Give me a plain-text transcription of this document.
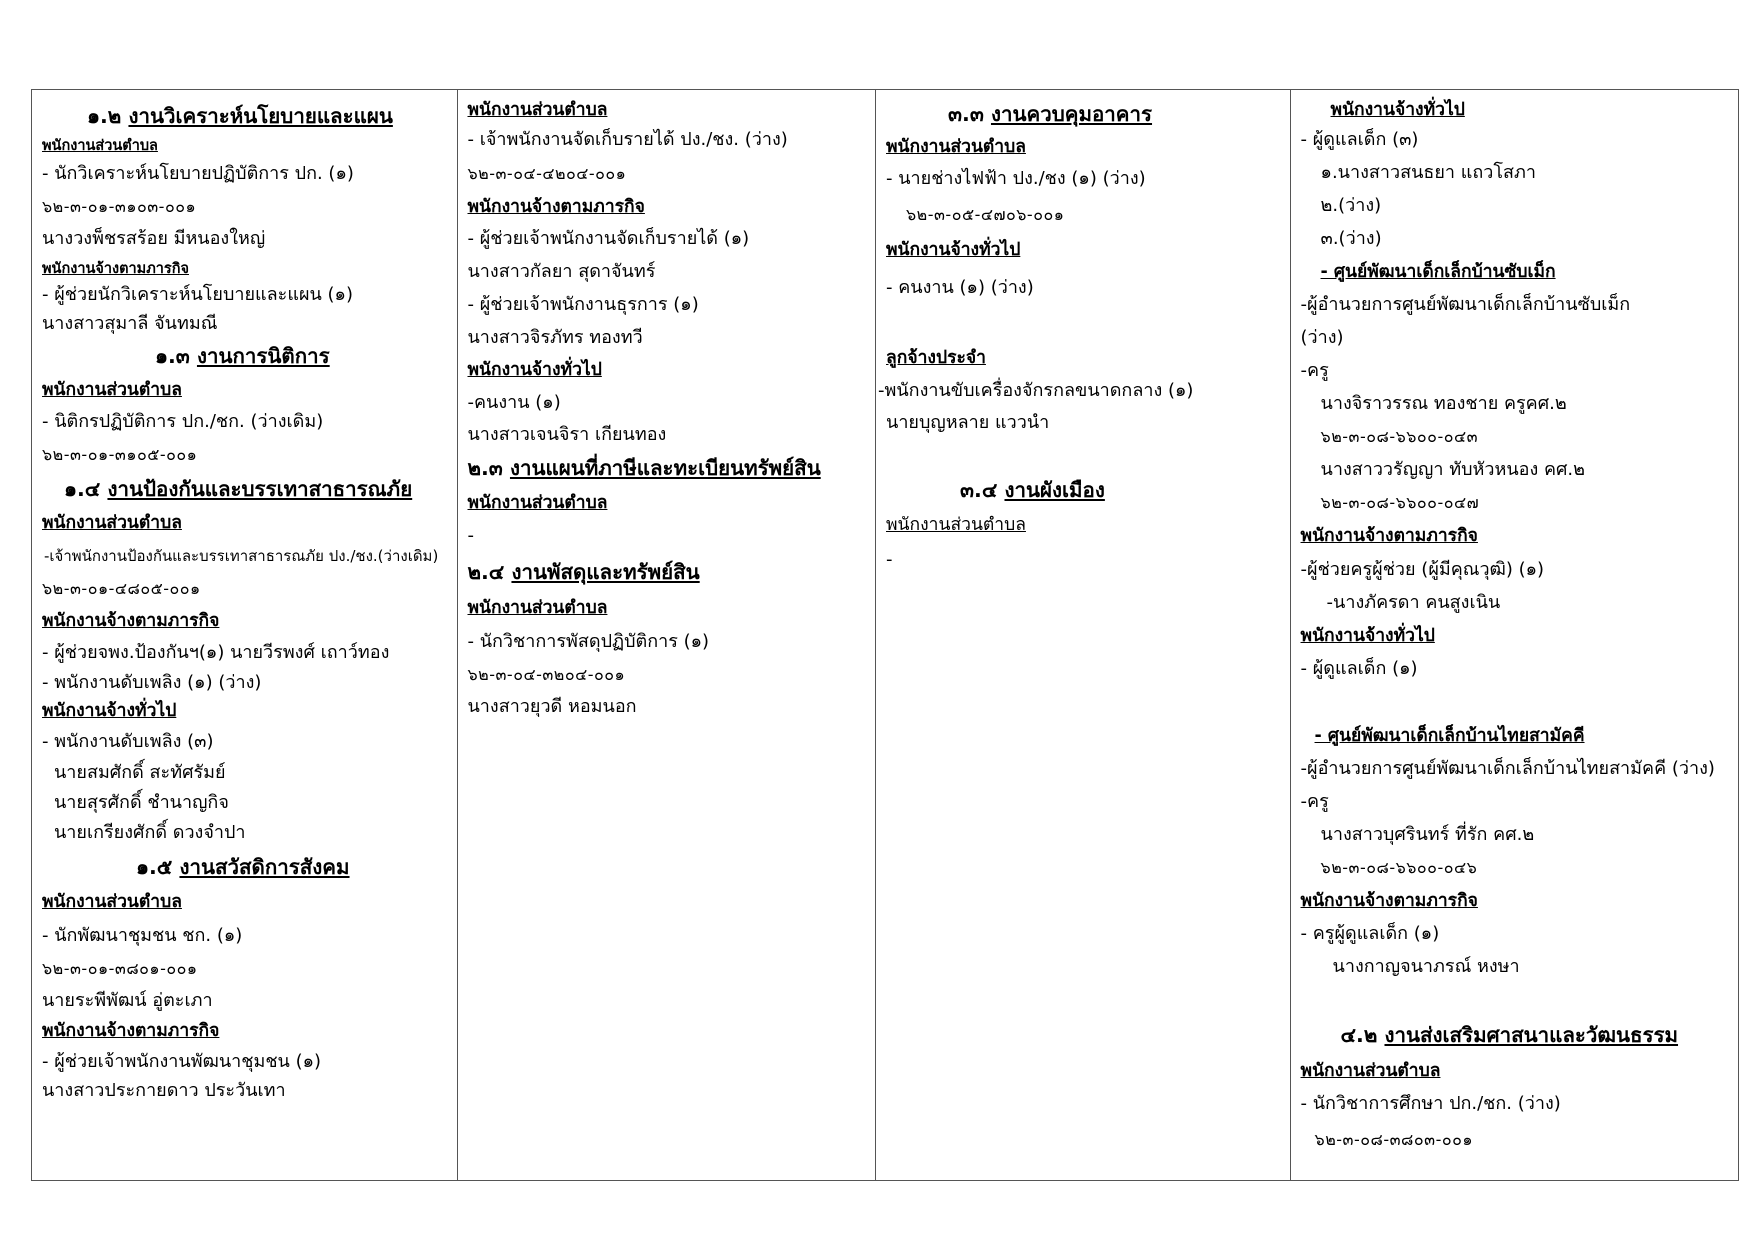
๑.๒ งานวิเคราะห์นโยบายและแผน
พนักงานส่วนตำบล
- นักวิเคราะห์นโยบายปฏิบัติการ ปก. (๑)
๖๒-๓-๐๑-๓๑๐๓-๐๐๑
นางวงพ็ชรสร้อย มีหนองใหญ่
พนักงานจ้างตามภารกิจ
- ผู้ช่วยนักวิเคราะห์นโยบายและแผน (๑)
นางสาวสุมาลี จันทมณี
๑.๓ งานการนิติการ
พนักงานส่วนตำบล
- นิติกรปฏิบัติการ ปก./ชก. (ว่างเดิม)
๖๒-๓-๐๑-๓๑๐๕-๐๐๑
๑.๔ งานป้องกันและบรรเทาสาธารณภัย
พนักงานส่วนตำบล
-เจ้าพนักงานป้องกันและบรรเทาสาธารณภัย ปง./ชง.(ว่างเดิม)
๖๒-๓-๐๑-๔๘๐๕-๐๐๑
พนักงานจ้างตามภารกิจ
- ผู้ช่วยจพง.ป้องกันฯ(๑) นายวีรพงศ์ เถาว์ทอง
- พนักงานดับเพลิง (๑) (ว่าง)
พนักงานจ้างทั่วไป
- พนักงานดับเพลิง (๓)
นายสมศักดิ์ สะทัศรัมย์
นายสุรศักดิ์ ชำนาญกิจ
นายเกรียงศักดิ์ ดวงจำปา
๑.๕ งานสวัสดิการสังคม
พนักงานส่วนตำบล
- นักพัฒนาชุมชน ชก. (๑)
๖๒-๓-๐๑-๓๘๐๑-๐๐๑
นายระพีพัฒน์ อู่ตะเภา
พนักงานจ้างตามภารกิจ
- ผู้ช่วยเจ้าพนักงานพัฒนาชุมชน (๑)
นางสาวประกายดาว ประวันเทา
พนักงานส่วนตำบล
- เจ้าพนักงานจัดเก็บรายได้ ปง./ชง. (ว่าง)
๖๒-๓-๐๔-๔๒๐๔-๐๐๑
พนักงานจ้างตามภารกิจ
- ผู้ช่วยเจ้าพนักงานจัดเก็บรายได้ (๑)
นางสาวกัลยา สุดาจันทร์
- ผู้ช่วยเจ้าพนักงานธุรการ (๑)
นางสาวจิรภัทร ทองทวี
พนักงานจ้างทั่วไป
-คนงาน (๑)
นางสาวเจนจิรา เกียนทอง
๒.๓ งานแผนที่ภาษีและทะเบียนทรัพย์สิน
พนักงานส่วนตำบล
-
๒.๔ งานพัสดุและทรัพย์สิน
พนักงานส่วนตำบล
- นักวิชาการพัสดุปฏิบัติการ (๑)
๖๒-๓-๐๔-๓๒๐๔-๐๐๑
นางสาวยุวดี หอมนอก
๓.๓ งานควบคุมอาคาร
พนักงานส่วนตำบล
- นายช่างไฟฟ้า ปง./ชง (๑) (ว่าง)
๖๒-๓-๐๕-๔๗๐๖-๐๐๑
พนักงานจ้างทั่วไป
- คนงาน (๑) (ว่าง)
ลูกจ้างประจำ
-พนักงานขับเครื่องจักรกลขนาดกลาง (๑)
นายบุญหลาย แววนำ
๓.๔ งานผังเมือง
พนักงานส่วนตำบล
-
พนักงานจ้างทั่วไป
- ผู้ดูแลเด็ก (๓)
๑.นางสาวสนธยา แถวโสภา
๒.(ว่าง)
๓.(ว่าง)
- ศูนย์พัฒนาเด็กเล็กบ้านซับเม็ก
-ผู้อำนวยการศูนย์พัฒนาเด็กเล็กบ้านซับเม็ก
(ว่าง)
-ครู
นางจิราวรรณ ทองชาย ครูคศ.๒
๖๒-๓-๐๘-๖๖๐๐-๐๔๓
นางสาววรัญญา ทับหัวหนอง คศ.๒
๖๒-๓-๐๘-๖๖๐๐-๐๔๗
พนักงานจ้างตามภารกิจ
-ผู้ช่วยครูผู้ช่วย (ผู้มีคุณวุฒิ) (๑)
-นางภัครดา คนสูงเนิน
พนักงานจ้างทั่วไป
- ผู้ดูแลเด็ก (๑)
- ศูนย์พัฒนาเด็กเล็กบ้านไทยสามัคคี
-ผู้อำนวยการศูนย์พัฒนาเด็กเล็กบ้านไทยสามัคคี (ว่าง)
-ครู
นางสาวบุศรินทร์ ที่รัก คศ.๒
๖๒-๓-๐๘-๖๖๐๐-๐๔๖
พนักงานจ้างตามภารกิจ
- ครูผู้ดูแลเด็ก (๑)
นางกาญจนาภรณ์ หงษา
๔.๒ งานส่งเสริมศาสนาและวัฒนธรรม
พนักงานส่วนตำบล
- นักวิชาการศึกษา ปก./ชก. (ว่าง)
๖๒-๓-๐๘-๓๘๐๓-๐๐๑
